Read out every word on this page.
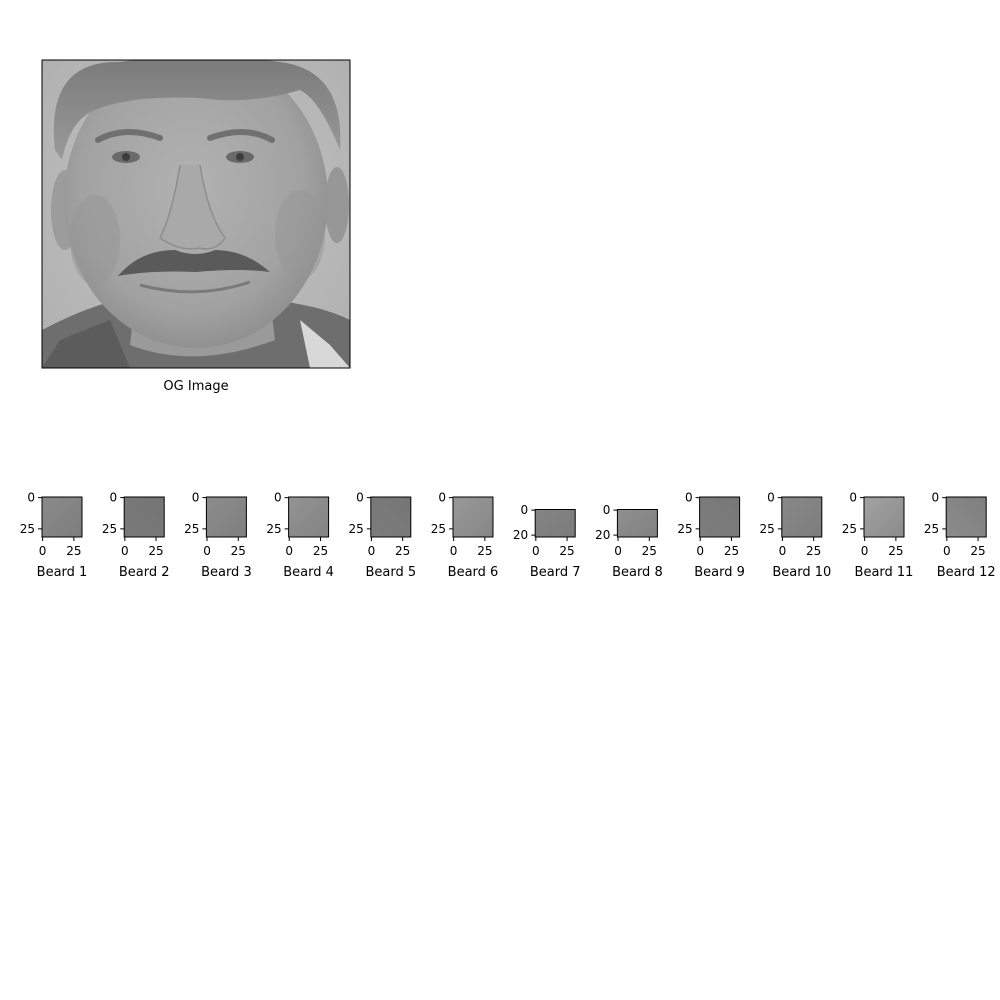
OG Image
0
25
0 25
Beard 1
0
25
0 25
Beard 2
0
25
0 25
Beard 3
0
25
0 25
Beard 4
0
25
0 25
Beard 5
0
25
0 25
Beard 6
0
20
0 25
Beard 7
0
20
0 25
Beard 8
0
25
0 25
Beard 9
0
25
0 25
Beard 10
0
25
0 25
Beard 11
0
25
0 25
Beard 12
